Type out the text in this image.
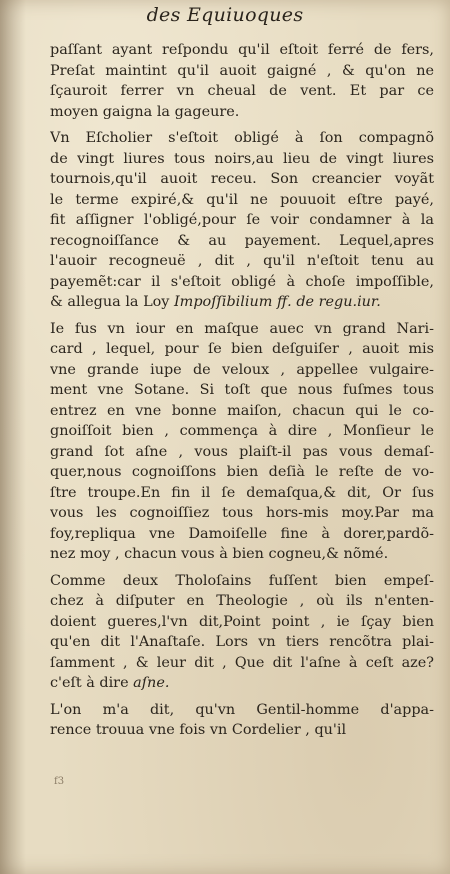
des Equiuoques
paſſant ayant reſpondu qu'il eſtoit ferré de fers,
Preſat maintint qu'il auoit gaigné , & qu'on ne
ſçauroit ferrer vn cheual de vent. Et par ce
moyen gaigna la gageure.
Vn Eſcholier s'eſtoit obligé à ſon compagnõ
de vingt liures tous noirs,au lieu de vingt liures
tournois,qu'il auoit receu. Son creancier voyãt
le terme expiré,& qu'il ne pouuoit eſtre payé,
fit aſſigner l'obligé,pour ſe voir condamner à la
recognoiſſance & au payement. Lequel,apres
l'auoir recogneuë , dit , qu'il n'eſtoit tenu au
payemẽt:car il s'eſtoit obligé à choſe impoſſible,
& allegua la Loy Impoſſibilium ff. de regu.iur.
Ie fus vn iour en maſque auec vn grand Nari-
card , lequel, pour ſe bien deſguiſer , auoit mis
vne grande iupe de veloux , appellee vulgaire-
ment vne Sotane. Si toſt que nous fuſmes tous
entrez en vne bonne maiſon, chacun qui le co-
gnoiſſoit bien , commença à dire , Monſieur le
grand ſot aſne , vous plaiſt-il pas vous demaſ-
quer,nous cognoiſſons bien deſià le reſte de vo-
ſtre troupe.En fin il ſe demaſqua,& dit, Or ſus
vous les cognoiſſiez tous hors-mis moy.Par ma
foy,repliqua vne Damoiſelle fine à dorer,pardõ-
nez moy , chacun vous à bien cogneu,& nõmé.
Comme deux Tholoſains fuſſent bien empeſ-
chez à diſputer en Theologie , où ils n'enten-
doient gueres,l'vn dit,Point point , ie ſçay bien
qu'en dit l'Anaſtaſe. Lors vn tiers rencõtra plai-
ſamment , & leur dit , Que dit l'aſne à ceſt aze?
c'eſt à dire aſne.
L'on m'a dit, qu'vn Gentil-homme d'appa-
rence trouua vne fois vn Cordelier , qu'il
f3
